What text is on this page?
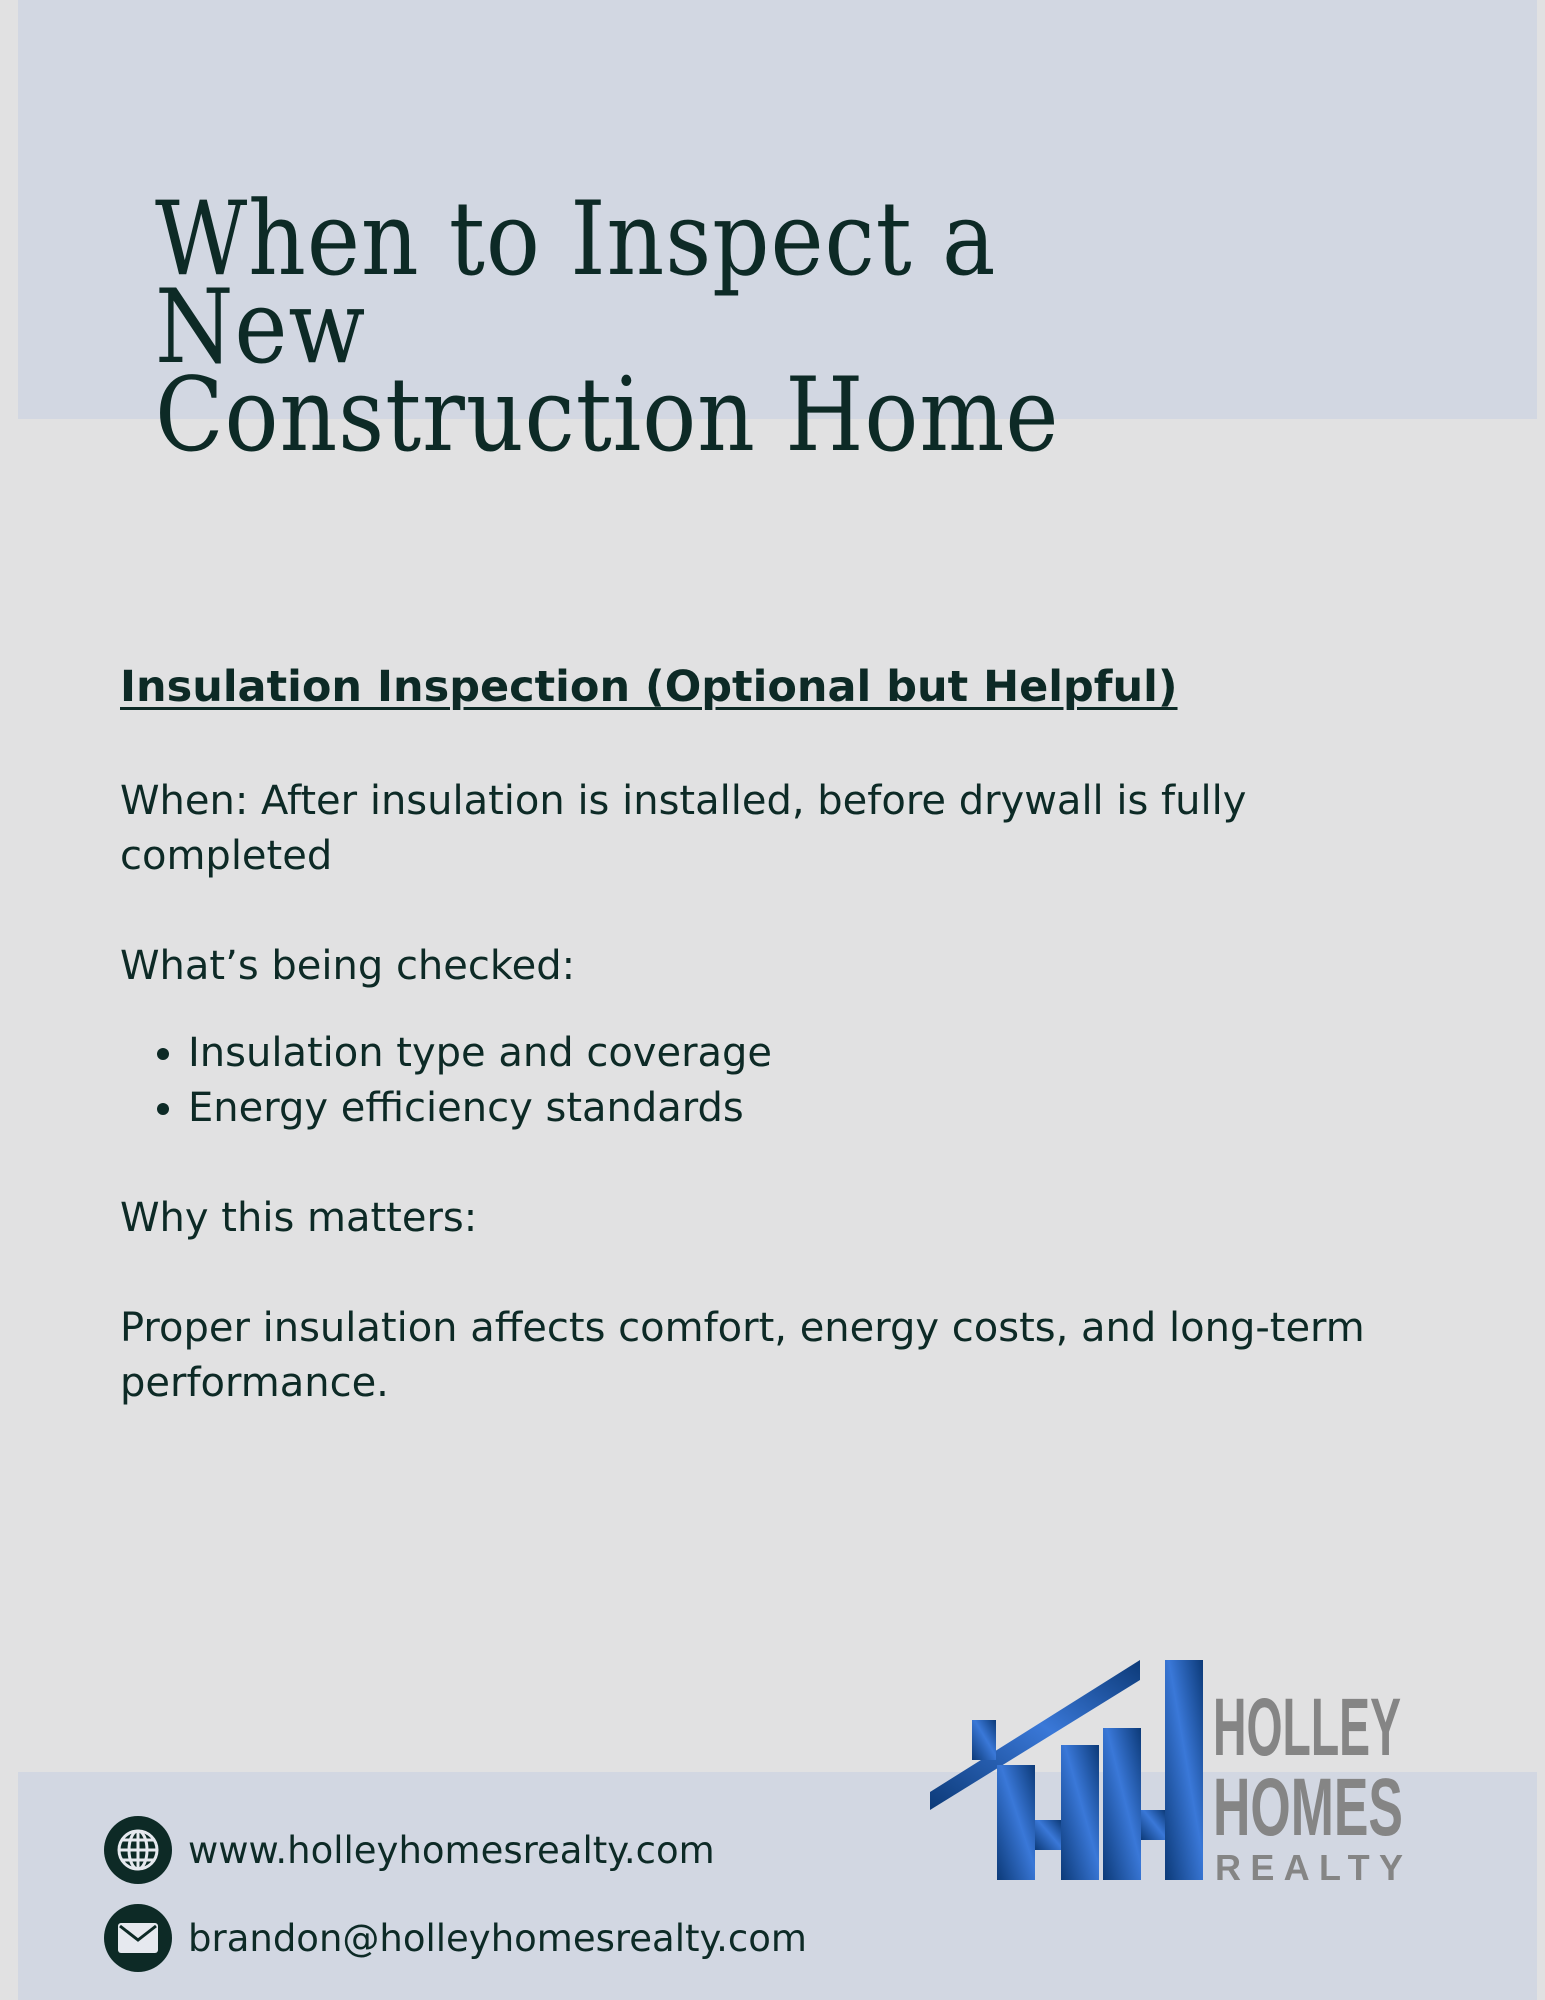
When to Inspect a New
Construction Home
Insulation Inspection (Optional but Helpful)
When: After insulation is installed, before drywall is fully completed
What’s being checked:
• Insulation type and coverage
• Energy efficiency standards
Why this matters:
Proper insulation affects comfort, energy costs, and long-term performance.
www.holleyhomesrealty.com
brandon@holleyhomesrealty.com
HOLLEY
HOMES
REALTY
